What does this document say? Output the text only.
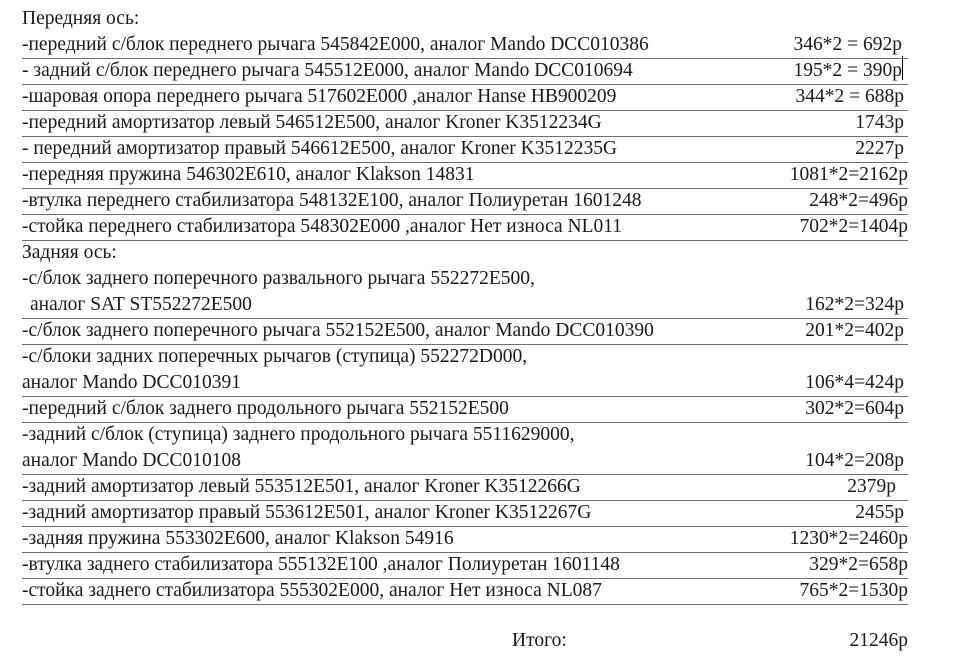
Передняя ось:
-передний с/блок переднего рычага 545842Е000, аналог Mando DCC010386	346*2 = 692р
- задний с/блок переднего рычага 545512Е000, аналог Mando DCC010694	195*2 = 390р
-шаровая опора переднего рычага 517602Е000 ,аналог Hanse HB900209	344*2 = 688р
-передний амортизатор левый 546512Е500, аналог Kroner K3512234G	1743р
- передний амортизатор правый 546612Е500, аналог Kroner K3512235G	2227р
-передняя пружина 546302Е610, аналог Klakson 14831	1081*2=2162р
-втулка переднего стабилизатора 548132Е100, аналог Полиуретан 1601248	248*2=496р
-стойка переднего стабилизатора 548302Е000 ,аналог Нет износа NL011	702*2=1404р
Задняя ось:
-с/блок заднего поперечного развального рычага 552272Е500,
аналог SAT ST552272E500	162*2=324р
-с/блок заднего поперечного рычага 552152Е500, аналог Mando DCC010390	201*2=402р
-с/блоки задних поперечных рычагов (ступица) 552272D000,
аналог Mando DCC010391	106*4=424р
-передний с/блок заднего продольного рычага 552152Е500	302*2=604р
-задний с/блок (ступица) заднего продольного рычага 5511629000,
аналог Mando DCC010108	104*2=208р
-задний амортизатор левый 553512Е501, аналог Kroner K3512266G	2379р
-задний амортизатор правый 553612Е501, аналог Kroner K3512267G	2455р
-задняя пружина 553302Е600, аналог Klakson 54916	1230*2=2460р
-втулка заднего стабилизатора 555132Е100 ,аналог Полиуретан 1601148	329*2=658р
-стойка заднего стабилизатора 555302Е000, аналог Нет износа NL087	765*2=1530р
Итого:	21246р
